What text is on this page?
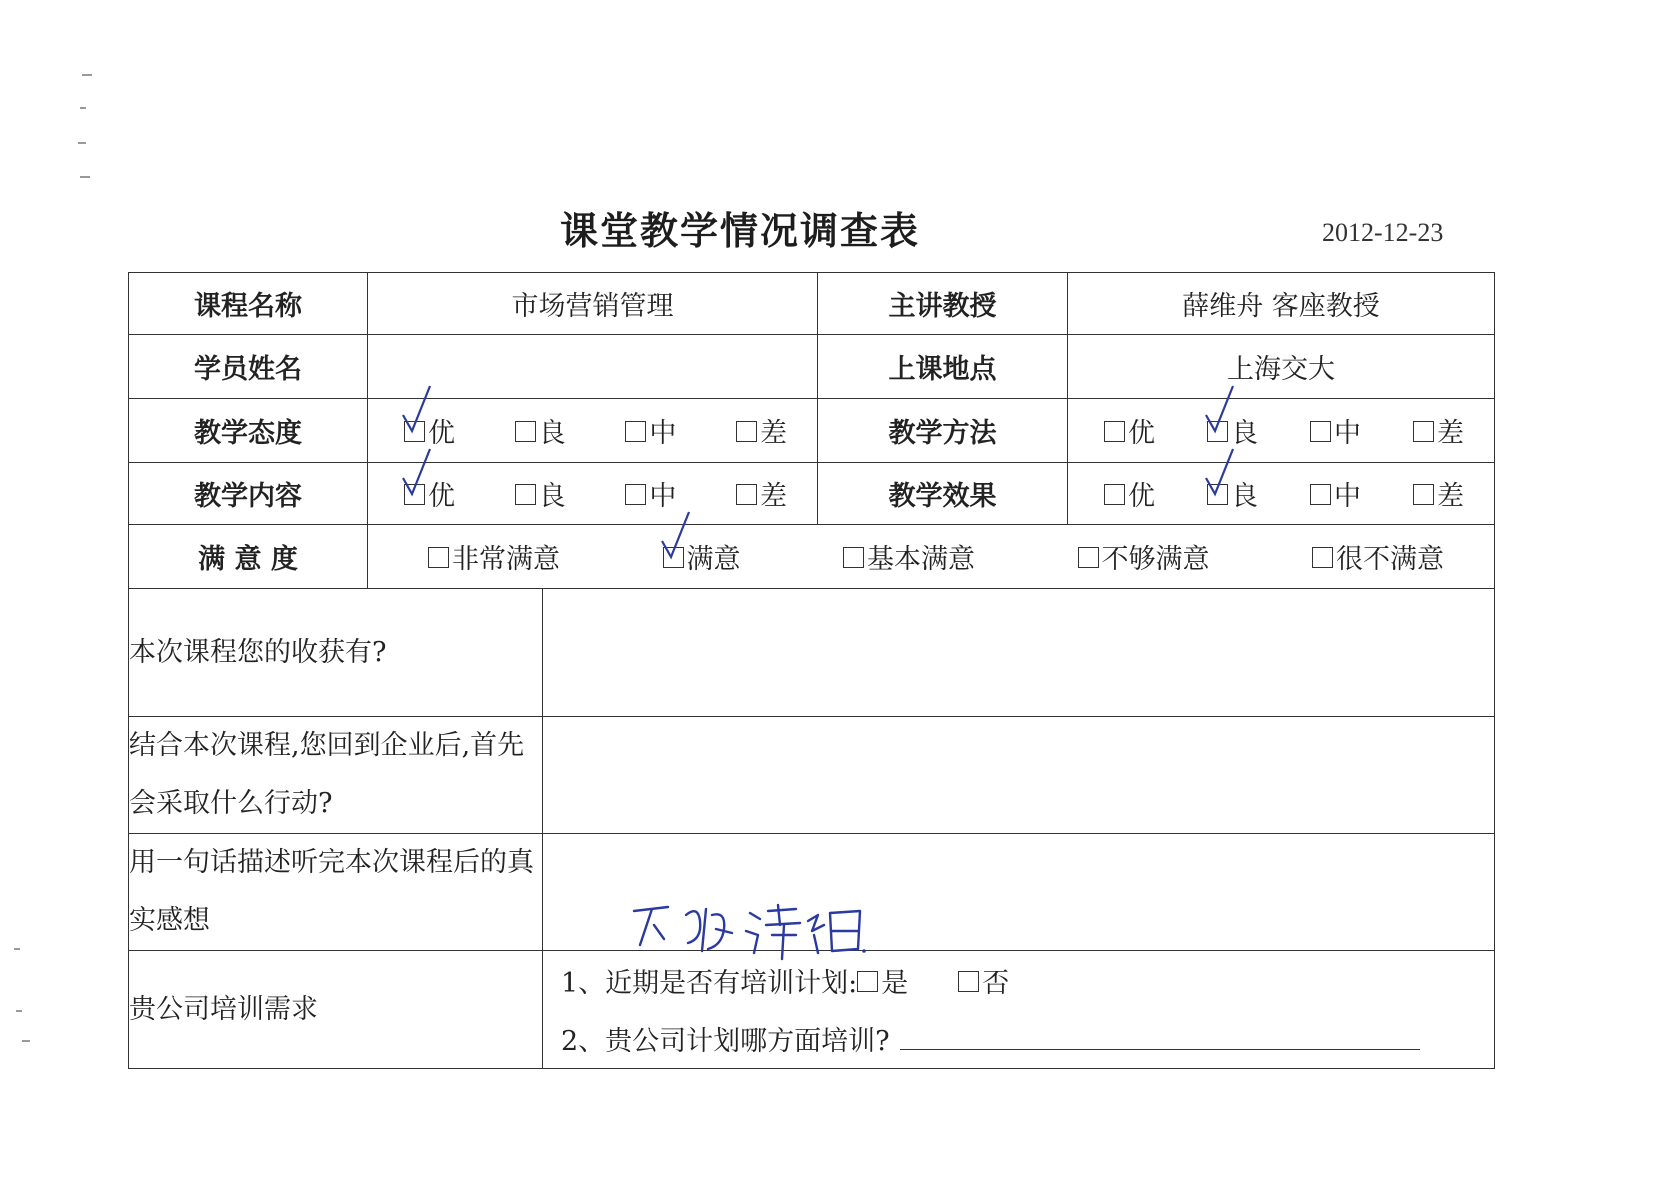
课堂教学情况调查表	2012-12-23
课程名称	市场营销管理		主讲教授	薛维舟 客座教授
学员姓名			上课地点	上海交大
教学态度	优 良 中 差		教学方法	优 良 中 差

教学内容	优 良 中 差		教学效果	优 良 中 差

满 意 度	非常满意 满意 基本满意 不够满意 很不满意			

本次课程您的收获有?				
结合本次课程,您回到企业后,首先会采取什么行动?				
用一句话描述听完本次课程后的真实感想				
贵公司培训需求		1、近期是否有培训计划: 是 否
2、贵公司计划哪方面培训?		
